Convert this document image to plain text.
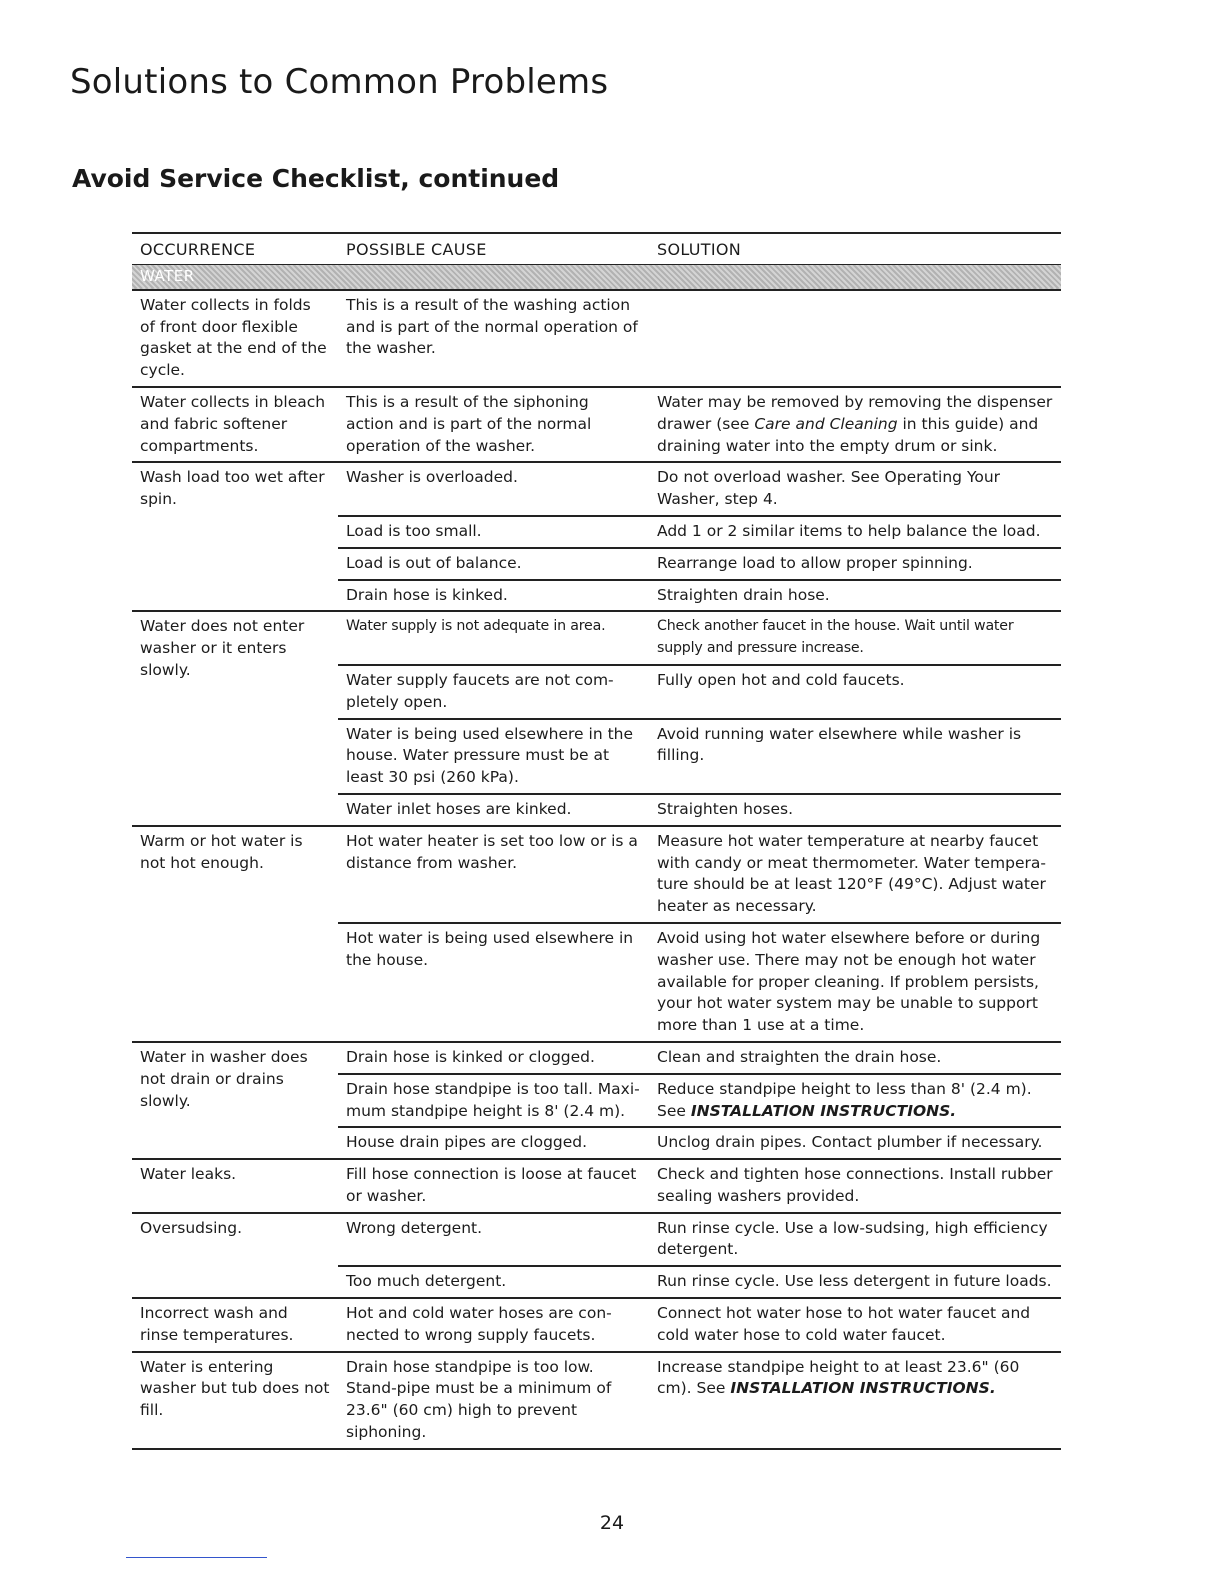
Solutions to Common Problems
Avoid Service Checklist, continued
OCCURRENCE	POSSIBLE CAUSE	SOLUTION
WATER		
Water collects in folds of front door flexible gasket at the end of the cycle.	This is a result of the washing action and is part of the normal operation of the washer.	
Water collects in bleach and fabric softener compartments.	This is a result of the siphoning action and is part of the normal operation of the washer.	Water may be removed by removing the dispenser drawer (see Care and Cleaning in this guide) and draining water into the empty drum or sink.
Wash load too wet after spin.	Washer is overloaded.	Do not overload washer. See Operating Your Washer, step 4.
	Load is too small.	Add 1 or 2 similar items to help balance the load.
	Load is out of balance.	Rearrange load to allow proper spinning.
	Drain hose is kinked.	Straighten drain hose.
Water does not enter washer or it enters slowly.	Water supply is not adequate in area.	Check another faucet in the house. Wait until water supply and pressure increase.
	Water supply faucets are not com-pletely open.	Fully open hot and cold faucets.
	Water is being used elsewhere in the house. Water pressure must be at least 30 psi (260 kPa).	Avoid running water elsewhere while washer is filling.
	Water inlet hoses are kinked.	Straighten hoses.
Warm or hot water is not hot enough.	Hot water heater is set too low or is a distance from washer.	Measure hot water temperature at nearby faucet with candy or meat thermometer. Water tempera-ture should be at least 120°F (49°C). Adjust water heater as necessary.
	Hot water is being used elsewhere in the house.	Avoid using hot water elsewhere before or during washer use. There may not be enough hot water available for proper cleaning. If problem persists, your hot water system may be unable to support more than 1 use at a time.
Water in washer does not drain or drains slowly.	Drain hose is kinked or clogged.	Clean and straighten the drain hose.
	Drain hose standpipe is too tall. Maxi-mum standpipe height is 8' (2.4 m).	Reduce standpipe height to less than 8' (2.4 m). See INSTALLATION INSTRUCTIONS.
	House drain pipes are clogged.	Unclog drain pipes. Contact plumber if necessary.
Water leaks.	Fill hose connection is loose at faucet or washer.	Check and tighten hose connections. Install rubber sealing washers provided.
Oversudsing.	Wrong detergent.	Run rinse cycle. Use a low-sudsing, high efficiency detergent.
	Too much detergent.	Run rinse cycle. Use less detergent in future loads.
Incorrect wash and rinse temperatures.	Hot and cold water hoses are con-nected to wrong supply faucets.	Connect hot water hose to hot water faucet and cold water hose to cold water faucet.
Water is entering washer but tub does not fill.	Drain hose standpipe is too low. Stand-pipe must be a minimum of 23.6" (60 cm) high to prevent siphoning.	Increase standpipe height to at least 23.6" (60 cm). See INSTALLATION INSTRUCTIONS.
24
